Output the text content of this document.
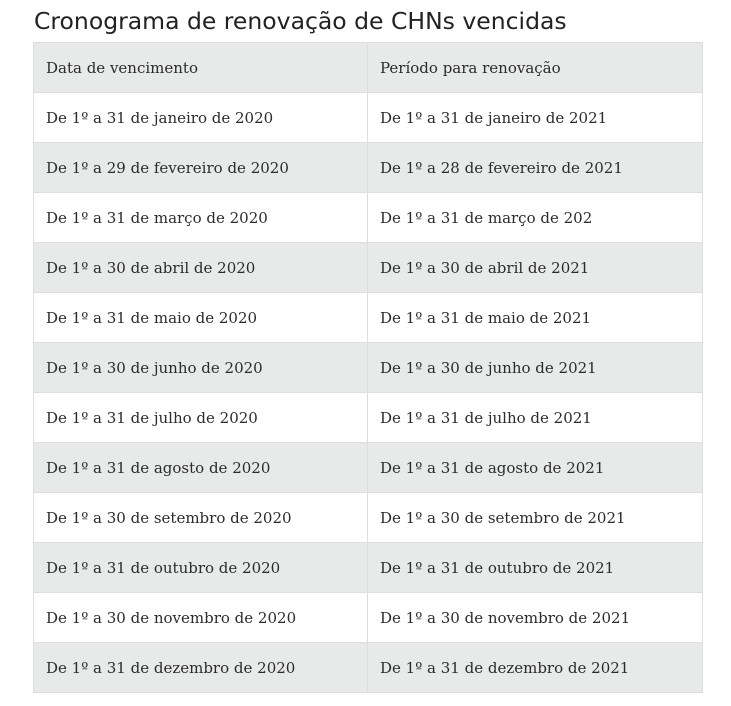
Cronograma de renovação de CHNs vencidas
Data de vencimento	Período para renovação
De 1º a 31 de janeiro de 2020	De 1º a 31 de janeiro de 2021
De 1º a 29 de fevereiro de 2020	De 1º a 28 de fevereiro de 2021
De 1º a 31 de março de 2020	De 1º a 31 de março de 202
De 1º a 30 de abril de 2020	De 1º a 30 de abril de 2021
De 1º a 31 de maio de 2020	De 1º a 31 de maio de 2021
De 1º a 30 de junho de 2020	De 1º a 30 de junho de 2021
De 1º a 31 de julho de 2020	De 1º a 31 de julho de 2021
De 1º a 31 de agosto de 2020	De 1º a 31 de agosto de 2021
De 1º a 30 de setembro de 2020	De 1º a 30 de setembro de 2021
De 1º a 31 de outubro de 2020	De 1º a 31 de outubro de 2021
De 1º a 30 de novembro de 2020	De 1º a 30 de novembro de 2021
De 1º a 31 de dezembro de 2020	De 1º a 31 de dezembro de 2021
